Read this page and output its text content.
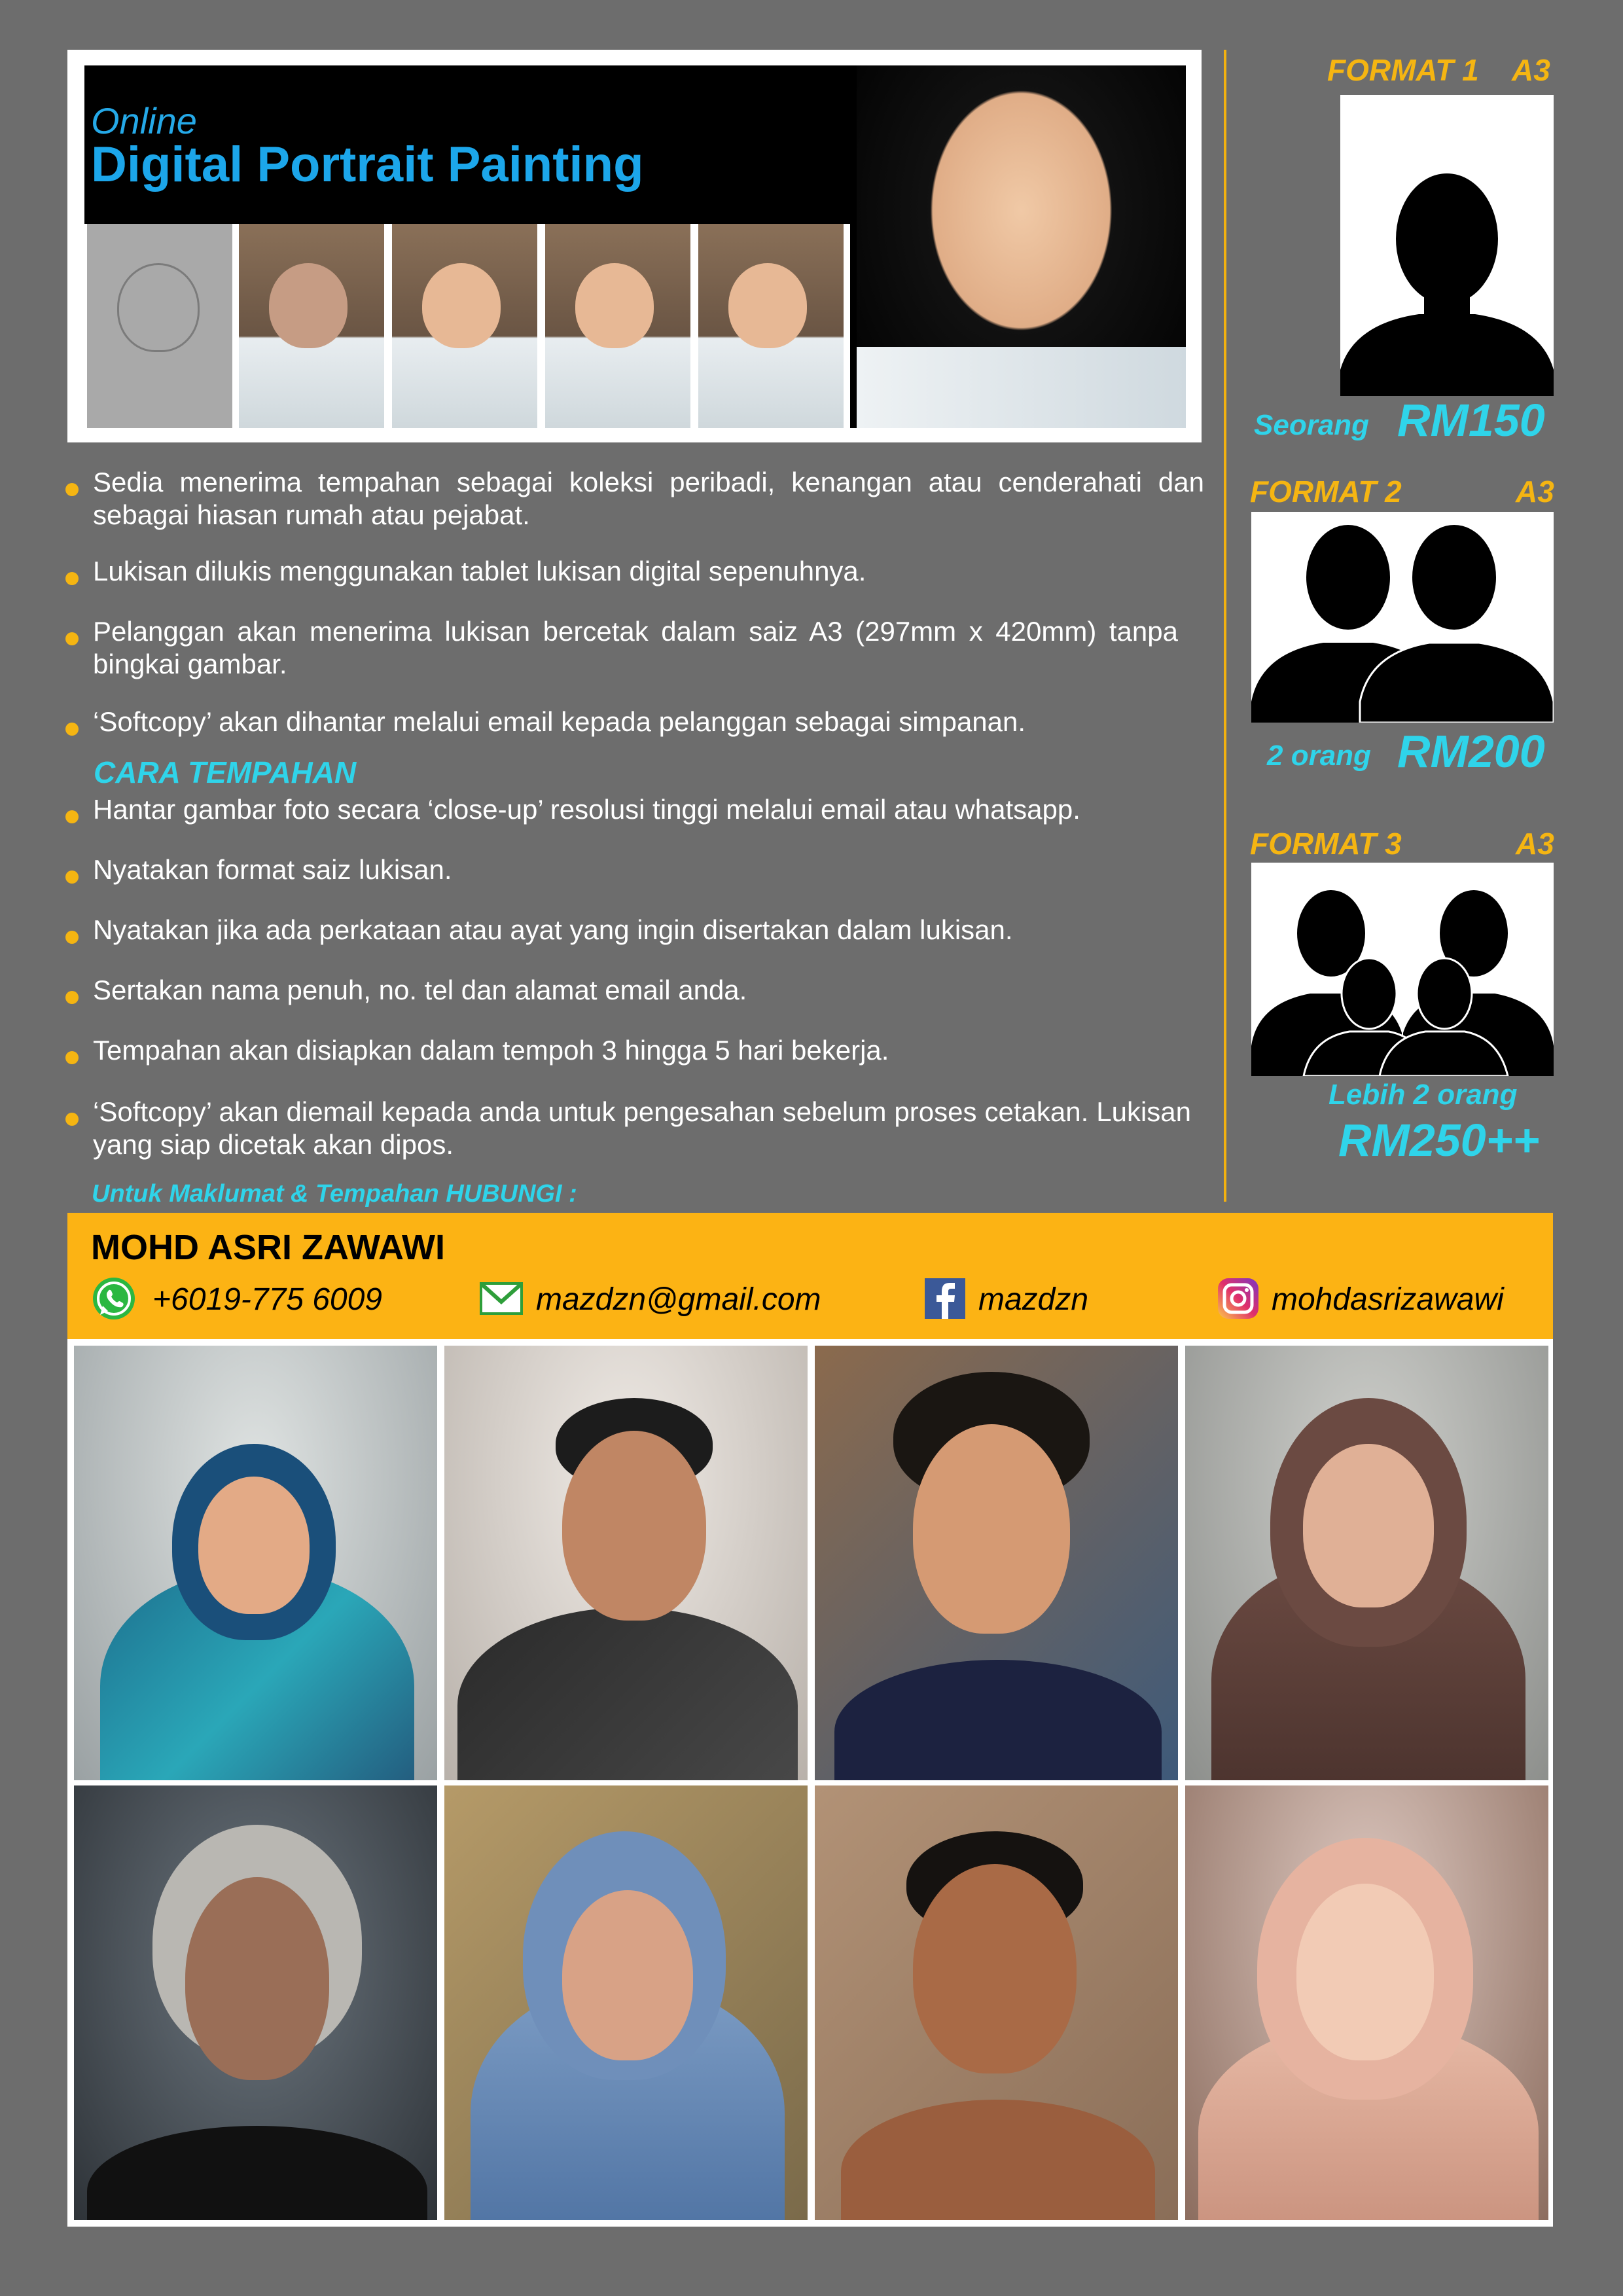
Online
Digital Portrait Painting
Sedia menerima tempahan sebagai koleksi peribadi, kenangan atau cenderahati dan sebagai hiasan rumah atau pejabat.
Lukisan dilukis menggunakan tablet lukisan digital sepenuhnya.
Pelanggan akan menerima lukisan bercetak dalam saiz A3 (297mm x 420mm) tanpa bingkai gambar.
‘Softcopy’ akan dihantar melalui email kepada pelanggan sebagai simpanan.
CARA TEMPAHAN
Hantar gambar foto secara ‘close-up’ resolusi tinggi melalui email atau whatsapp.
Nyatakan format saiz lukisan.
Nyatakan jika ada perkataan atau ayat yang ingin disertakan dalam lukisan.
Sertakan nama penuh, no. tel dan alamat email anda.
Tempahan akan disiapkan dalam tempoh 3 hingga 5 hari bekerja.
‘Softcopy’ akan diemail kepada anda untuk pengesahan sebelum proses cetakan. Lukisan yang siap dicetak akan dipos.
Untuk Maklumat & Tempahan HUBUNGI :
FORMAT 1 A3
Seorang RM150
FORMAT 2	A3
2 orang RM200
FORMAT 3	A3
Lebih 2 orang
RM250++
MOHD ASRI ZAWAWI
+6019-775 6009	mazdzn@gmail.com	mazdzn	mohdasrizawawi
